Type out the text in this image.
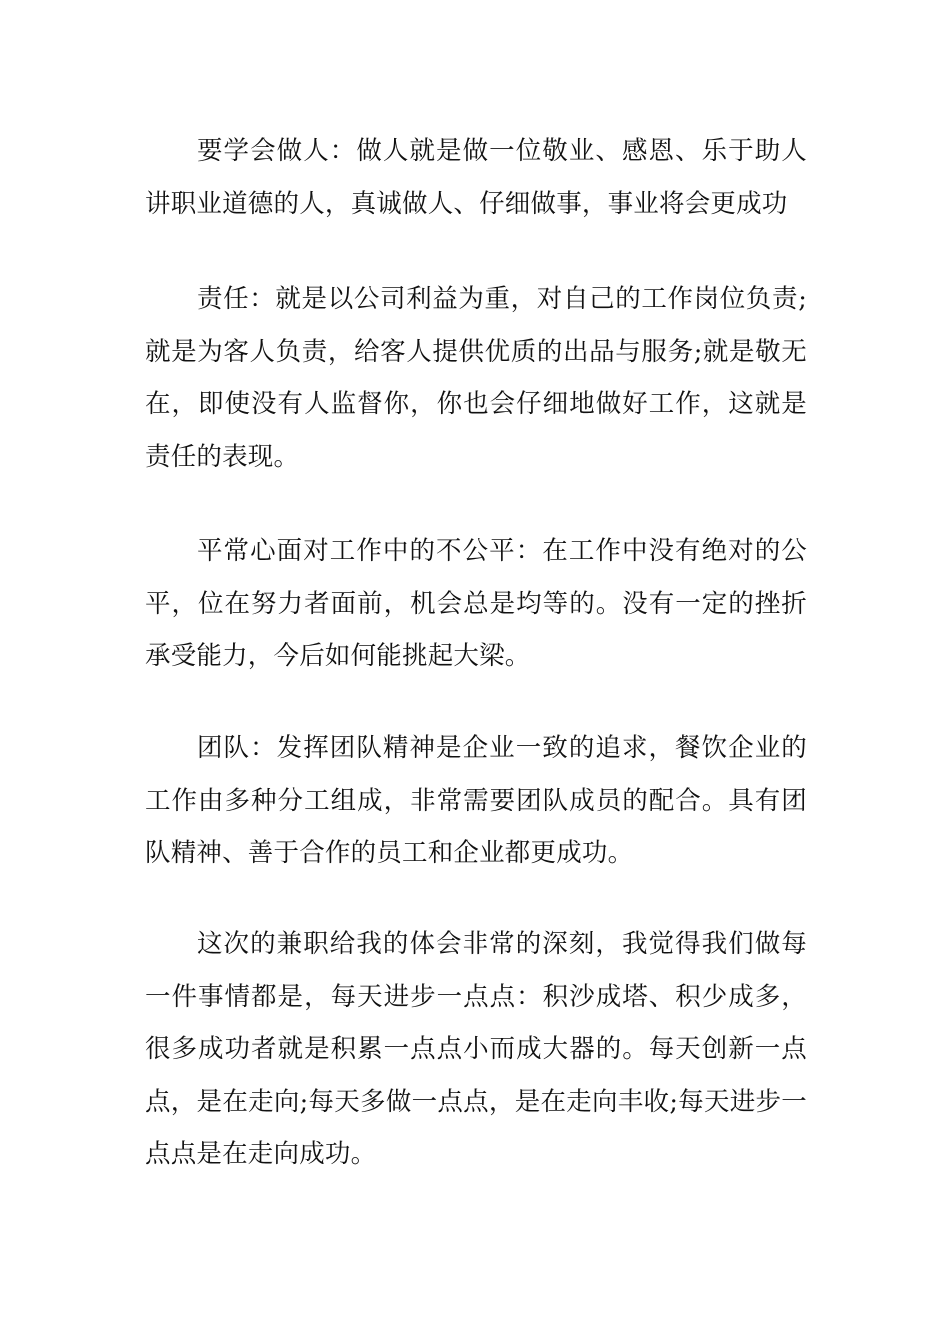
要学会做人：做人就是做一位敬业、感恩、乐于助人讲职业道德的人，真诚做人、仔细做事，事业将会更成功

责任：就是以公司利益为重，对自己的工作岗位负责;就是为客人负责，给客人提供优质的出品与服务;就是敬无在，即使没有人监督你，你也会仔细地做好工作，这就是责任的表现。

平常心面对工作中的不公平：在工作中没有绝对的公平，位在努力者面前，机会总是均等的。没有一定的挫折承受能力，今后如何能挑起大梁。

团队：发挥团队精神是企业一致的追求，餐饮企业的工作由多种分工组成，非常需要团队成员的配合。具有团队精神、善于合作的员工和企业都更成功。

这次的兼职给我的体会非常的深刻，我觉得我们做每一件事情都是，每天进步一点点：积沙成塔、积少成多，很多成功者就是积累一点点小而成大器的。每天创新一点点，是在走向;每天多做一点点，是在走向丰收;每天进步一点点是在走向成功。
